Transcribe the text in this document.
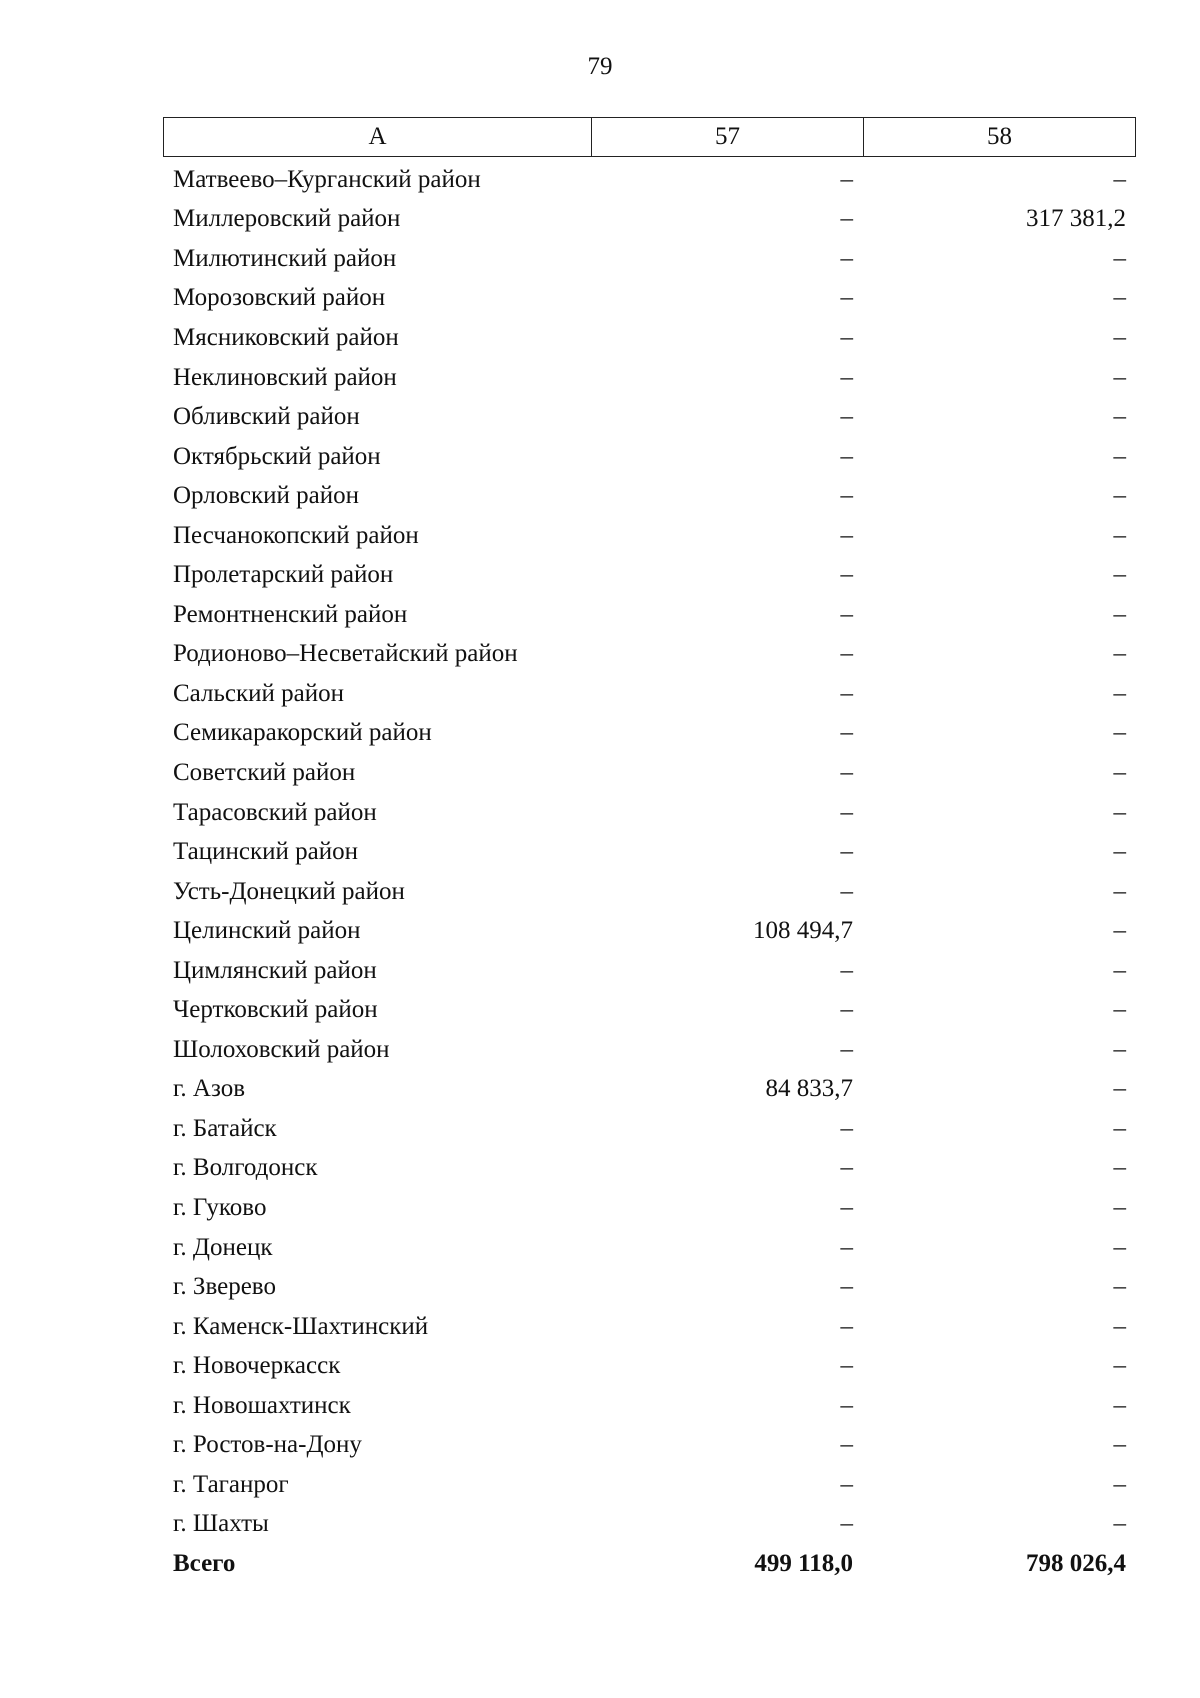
79
А	57	58
Матвеево–Курганский район	–	–
Миллеровский район	–	317 381,2
Милютинский район	–	–
Морозовский район	–	–
Мясниковский район	–	–
Неклиновский район	–	–
Обливский район	–	–
Октябрьский район	–	–
Орловский район	–	–
Песчанокопский район	–	–
Пролетарский район	–	–
Ремонтненский район	–	–
Родионово–Несветайский район	–	–
Сальский район	–	–
Семикаракорский район	–	–
Советский район	–	–
Тарасовский район	–	–
Тацинский район	–	–
Усть-Донецкий район	–	–
Целинский район	108 494,7	–
Цимлянский район	–	–
Чертковский район	–	–
Шолоховский район	–	–
г. Азов	84 833,7	–
г. Батайск	–	–
г. Волгодонск	–	–
г. Гуково	–	–
г. Донецк	–	–
г. Зверево	–	–
г. Каменск-Шахтинский	–	–
г. Новочеркасск	–	–
г. Новошахтинск	–	–
г. Ростов-на-Дону	–	–
г. Таганрог	–	–
г. Шахты	–	–
Всего	499 118,0	798 026,4
